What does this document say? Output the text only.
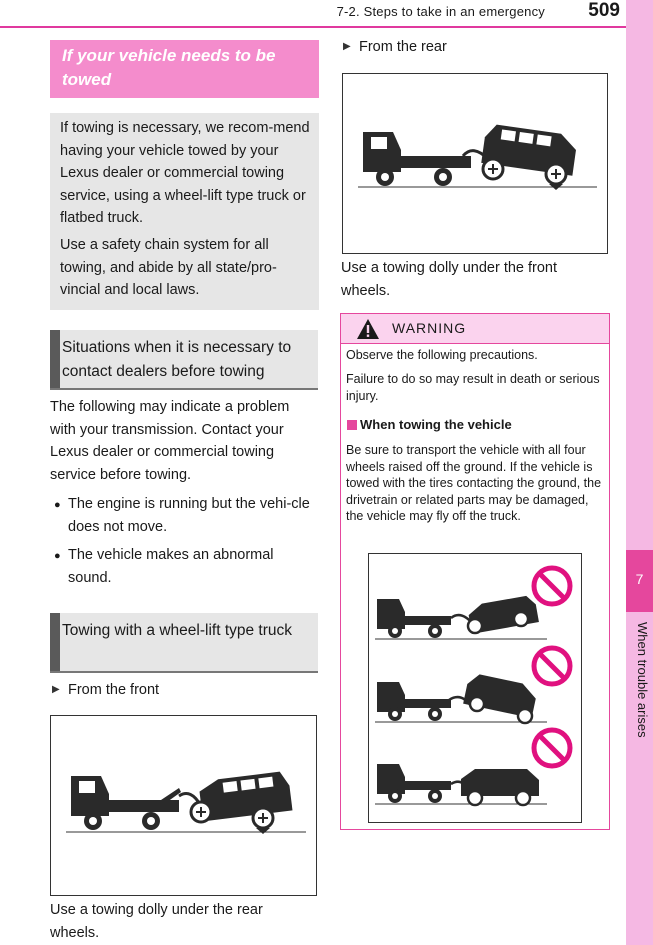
7-2. Steps to take in an emergency	509
7
When trouble arises
If your vehicle needs to be towed
If towing is necessary, we recom-mend having your vehicle towed by your Lexus dealer or commercial towing service, using a wheel-lift type truck or flatbed truck.
Use a safety chain system for all towing, and abide by all state/pro-vincial and local laws.
Situations when it is necessary to contact dealers before towing
The following may indicate a problem with your transmission. Contact your Lexus dealer or commercial towing service before towing.
● The engine is running but the vehi-cle does not move.
● The vehicle makes an abnormal sound.
Towing with a wheel-lift type truck
▶ From the front
Use a towing dolly under the rear wheels.
▶ From the rear
Use a towing dolly under the front wheels.
WARNING
Observe the following precautions.
Failure to do so may result in death or serious injury.
When towing the vehicle
Be sure to transport the vehicle with all four wheels raised off the ground. If the vehicle is towed with the tires contacting the ground, the drivetrain or related parts may be damaged, the vehicle may fly off the truck.
